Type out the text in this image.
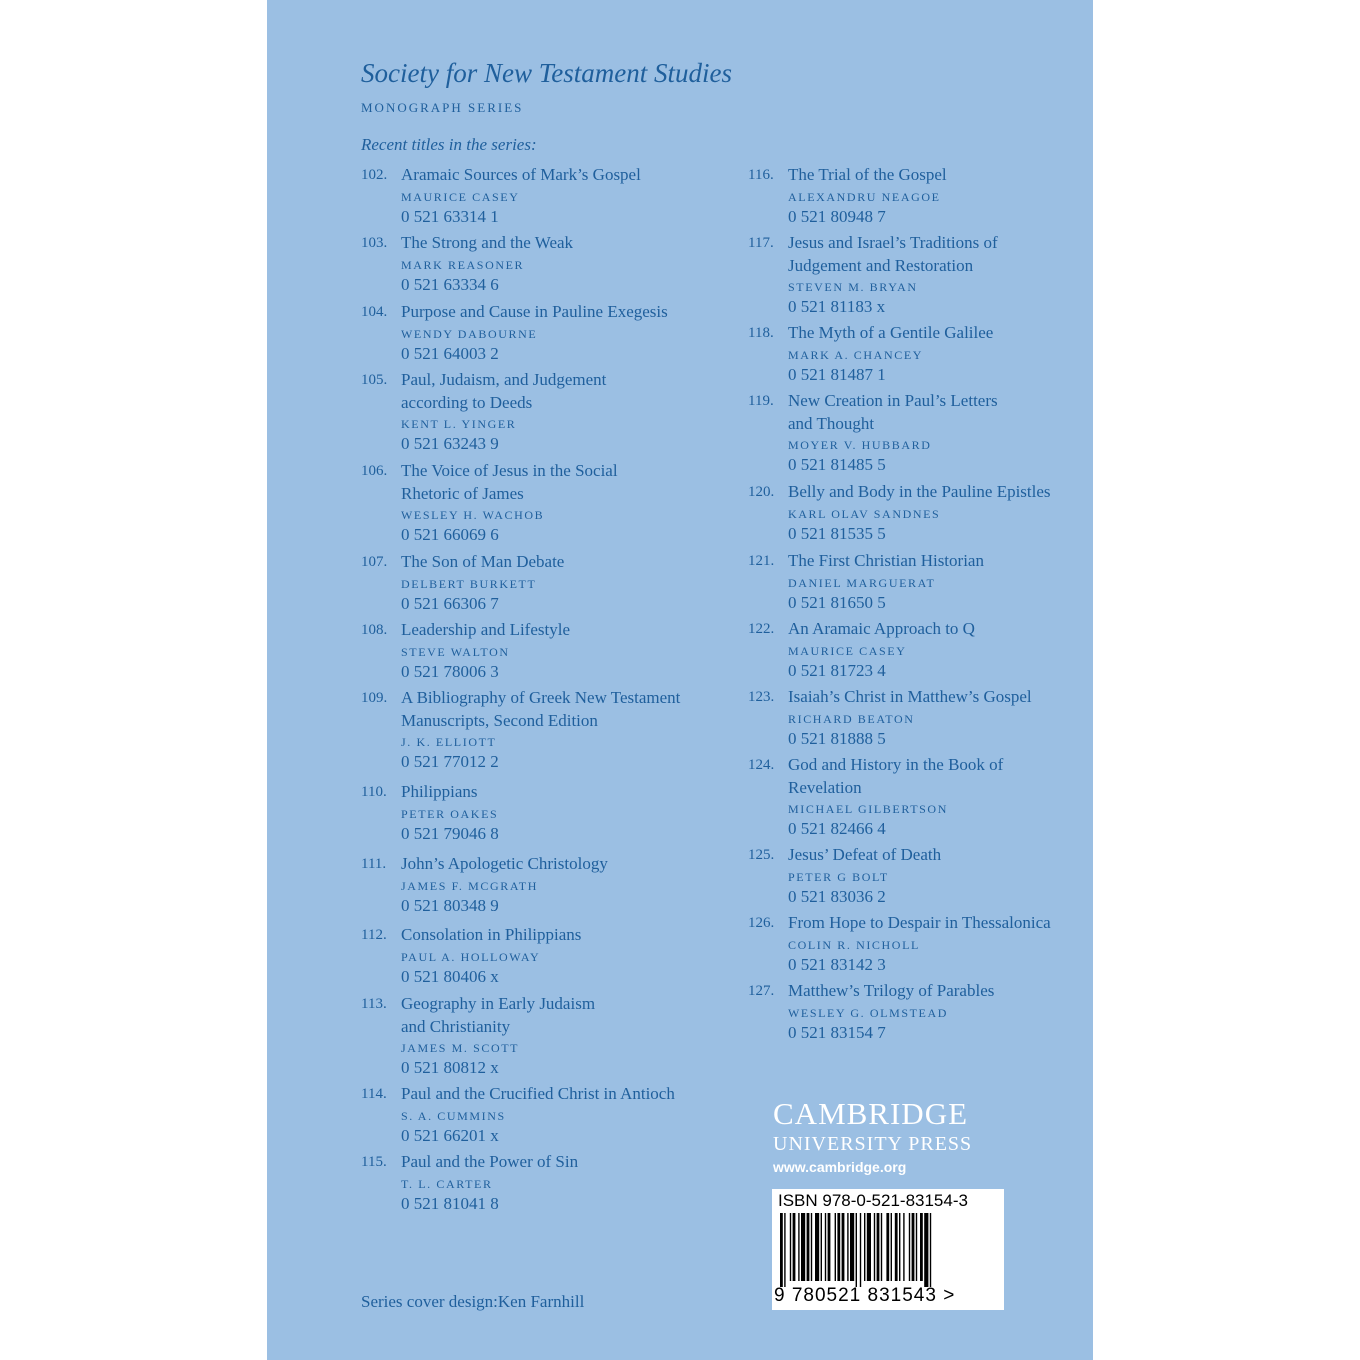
Society for New Testament Studies
MONOGRAPH SERIES
Recent titles in the series:
102. Aramaic Sources of Mark’s Gospel
MAURICE CASEY
0 521 63314 1
103. The Strong and the Weak
MARK REASONER
0 521 63334 6
104. Purpose and Cause in Pauline Exegesis
WENDY DABOURNE
0 521 64003 2
105. Paul, Judaism, and Judgement
according to Deeds
KENT L. YINGER
0 521 63243 9
106. The Voice of Jesus in the Social
Rhetoric of James
WESLEY H. WACHOB
0 521 66069 6
107. The Son of Man Debate
DELBERT BURKETT
0 521 66306 7
108. Leadership and Lifestyle
STEVE WALTON
0 521 78006 3
109. A Bibliography of Greek New Testament
Manuscripts, Second Edition
J. K. ELLIOTT
0 521 77012 2
110. Philippians
PETER OAKES
0 521 79046 8
111. John’s Apologetic Christology
JAMES F. MCGRATH
0 521 80348 9
112. Consolation in Philippians
PAUL A. HOLLOWAY
0 521 80406 x
113. Geography in Early Judaism
and Christianity
JAMES M. SCOTT
0 521 80812 x
114. Paul and the Crucified Christ in Antioch
S. A. CUMMINS
0 521 66201 x
115. Paul and the Power of Sin
T. L. CARTER
0 521 81041 8
116. The Trial of the Gospel
ALEXANDRU NEAGOE
0 521 80948 7
117. Jesus and Israel’s Traditions of
Judgement and Restoration
STEVEN M. BRYAN
0 521 81183 x
118. The Myth of a Gentile Galilee
MARK A. CHANCEY
0 521 81487 1
119. New Creation in Paul’s Letters
and Thought
MOYER V. HUBBARD
0 521 81485 5
120. Belly and Body in the Pauline Epistles
KARL OLAV SANDNES
0 521 81535 5
121. The First Christian Historian
DANIEL MARGUERAT
0 521 81650 5
122. An Aramaic Approach to Q
MAURICE CASEY
0 521 81723 4
123. Isaiah’s Christ in Matthew’s Gospel
RICHARD BEATON
0 521 81888 5
124. God and History in the Book of
Revelation
MICHAEL GILBERTSON
0 521 82466 4
125. Jesus’ Defeat of Death
PETER G BOLT
0 521 83036 2
126. From Hope to Despair in Thessalonica
COLIN R. NICHOLL
0 521 83142 3
127. Matthew’s Trilogy of Parables
WESLEY G. OLMSTEAD
0 521 83154 7
Series cover design:Ken Farnhill
CAMBRIDGE
UNIVERSITY PRESS
www.cambridge.org
ISBN 978-0-521-83154-3
9 780521 831543 >
